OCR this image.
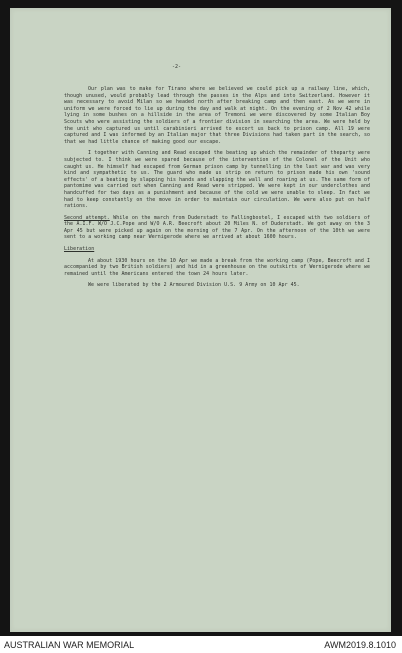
-2-

Our plan was to make for Tirano where we believed we could pick up a railway line, which, though unused, would probably lead through the passes in the Alps and into Switzerland. However it was necessary to avoid Milan so we headed north after breaking camp and then east. As we were in uniform we were forced to lie up during the day and walk at night. On the evening of 2 Nov 42 while lying in some bushes on a hillside in the area of Tremoni we were discovered by some Italian Boy Scouts who were assisting the soldiers of a frontier division in searching the area. We were held by the unit who captured us until carabinieri arrived to escort us back to prison camp. All 19 were captured and I was informed by an Italian major that three Divisions had taken part in the search, so that we had little chance of making good our escape.

I together with Canning and Read escaped the beating up which the remainder of theparty were subjected to. I think we were spared because of the intervention of the Colonel of the Unit who caught us. He himself had escaped from German prison camp by tunnelling in the last war and was very kind and sympathetic to us. The guard who made us strip on return to prison made his own 'sound effects' of a beating by slapping his hands and slapping the wall and roaring at us. The same form of pantomime was carried out when Canning and Read were stripped. We were kept in our underclothes and handcuffed for two days as a punishment and because of the cold we were unable to sleep. In fact we had to keep constantly on the move in order to maintain our circulation. We were also put on half rations.

Second attempt. While on the march from Duderstadt to Fallingbostel, I escaped with two soldiers of the A.I.F. W/O J.C.Pope and W/O A.R. Beecroft about 20 Miles N. of Duderstadt. We got away on the 3 Apr 45 but were picked up again on the morning of the 7 Apr. On the afternoon of the 10th we were sent to a working camp near Wernigerode where we arrived at about 1600 hours.

Liberation

At about 1930 hours on the 10 Apr we made a break from the working camp (Pope, Beecroft and I accompanied by two British soldiers) and hid in a greenhouse on the outskirts of Wernigerode where we remained until the Americans entered the town 24 hours later.

We were liberated by the 2 Armoured Division U.S. 9 Army on 10 Apr 45.

AUSTRALIAN WAR MEMORIAL	AWM2019.8.1010
